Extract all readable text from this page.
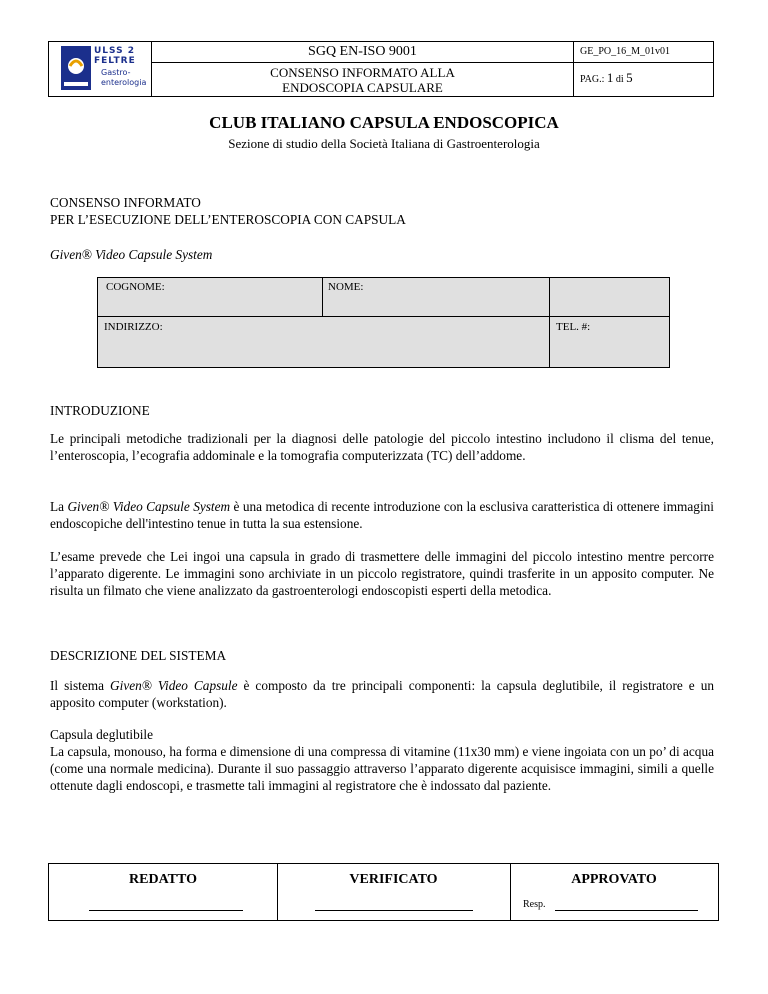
ULSS 2
FELTRE
Gastro-
enterologia
SGQ EN-ISO 9001
CONSENSO INFORMATO ALLA
ENDOSCOPIA CAPSULARE
GE_PO_16_M_01v01
PAG.: 1 di 5
CLUB ITALIANO CAPSULA ENDOSCOPICA
Sezione di studio della Società Italiana di Gastroenterologia
CONSENSO INFORMATO
PER L’ESECUZIONE DELL’ENTEROSCOPIA CON CAPSULA
Given® Video Capsule System
COGNOME:	NOME:
INDIRIZZO:	TEL. #:
INTRODUZIONE
Le principali metodiche tradizionali per la diagnosi delle patologie del piccolo intestino includono il clisma del tenue, l’enteroscopia, l’ecografia addominale e la tomografia computerizzata (TC) dell’addome.
La Given® Video Capsule System è una metodica di recente introduzione con la esclusiva caratteristica di ottenere immagini endoscopiche dell'intestino tenue in tutta la sua estensione.
L’esame prevede che Lei ingoi una capsula in grado di trasmettere delle immagini del piccolo intestino mentre percorre l’apparato digerente. Le immagini sono archiviate in un piccolo registratore, quindi trasferite in un apposito computer. Ne risulta un filmato che viene analizzato da gastroenterologi endoscopisti esperti della metodica.
DESCRIZIONE DEL SISTEMA
Il sistema Given® Video Capsule è composto da tre principali componenti: la capsula deglutibile, il registratore e un apposito computer (workstation).
Capsula deglutibile
La capsula, monouso, ha forma e dimensione di una compressa di vitamine (11x30 mm) e viene ingoiata con un po’ di acqua (come una normale medicina). Durante il suo passaggio attraverso l’apparato digerente acquisisce immagini, simili a quelle ottenute dagli endoscopi, e trasmette tali immagini al registratore che è indossato dal paziente.
REDATTO	VERIFICATO	APPROVATO
Resp.
